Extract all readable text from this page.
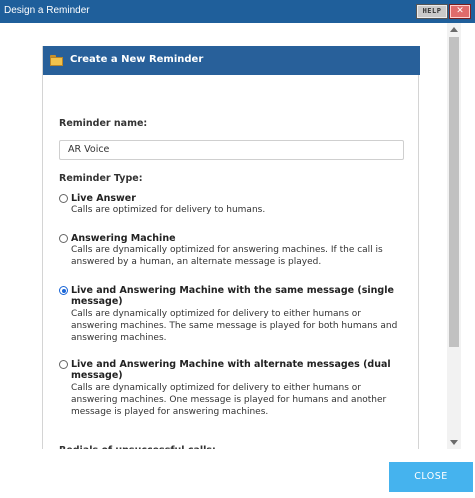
Design a Reminder	HELP	✕
Create a New Reminder
Reminder name:
AR Voice
Reminder Type:
Live Answer
Calls are optimized for delivery to humans.
Answering Machine
Calls are dynamically optimized for answering machines. If the call is answered by a human, an alternate message is played.
Live and Answering Machine with the same message (single message)
Calls are dynamically optimized for delivery to either humans or answering machines. The same message is played for both humans and answering machines.
Live and Answering Machine with alternate messages (dual message)
Calls are dynamically optimized for delivery to either humans or answering machines. One message is played for humans and another message is played for answering machines.
CLOSE
